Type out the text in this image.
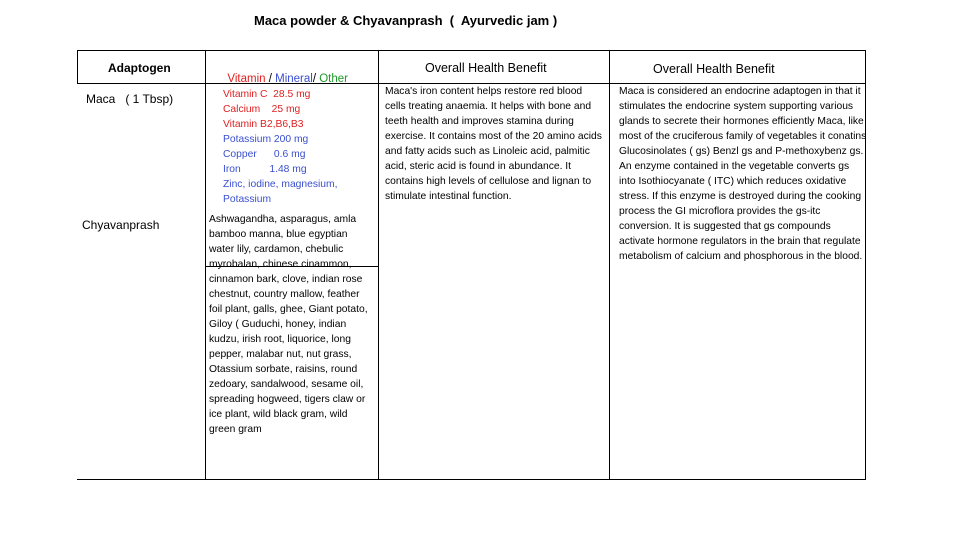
Maca powder & Chyavanprash  (  Ayurvedic jam )
Adaptogen

Vitamin / Mineral/ Other

Overall Health Benefit	Overall Health Benefit
Maca   ( 1 Tbsp)
Chyavanprash
Vitamin C  28.5 mg
Calcium    25 mg
Vitamin B2,B6,B3
Potassium 200 mg
Copper      0.6 mg
Iron          1.48 mg
Zinc, iodine, magnesium,
Potassium
Ashwagandha, asparagus, amla bamboo manna, blue egyptian water lily, cardamon, chebulic myrobalan, chinese cinammon, cinnamon bark, clove, indian rose chestnut, country mallow, feather foil plant, galls, ghee, Giant potato, Giloy ( Guduchi, honey, indian kudzu, irish root, liquorice, long pepper, malabar nut, nut grass, Otassium sorbate, raisins, round zedoary, sandalwood, sesame oil, spreading hogweed, tigers claw or ice plant, wild black gram, wild green gram
Maca's iron content helps restore red blood cells treating anaemia. It helps with bone and teeth health and improves stamina during exercise. It contains most of the 20 amino acids and fatty acids such as Linoleic acid, palmitic acid, steric acid is found in abundance. It contains high levels of cellulose and lignan to stimulate intestinal function.
Maca is considered an endocrine adaptogen in that it stimulates the endocrine system supporting various glands to secrete their hormones efficiently Maca, like most of the cruciferous family of vegetables it conatins Glucosinolates ( gs) Benzl gs and P-methoxybenz gs. An enzyme contained in the vegetable converts gs into Isothiocyanate ( ITC) which reduces oxidative stress. If this enzyme is destroyed during the cooking process the GI microflora provides the gs-itc conversion. It is suggested that gs compounds activate hormone regulators in the brain that regulate metabolism of calcium and phosphorous in the blood.
